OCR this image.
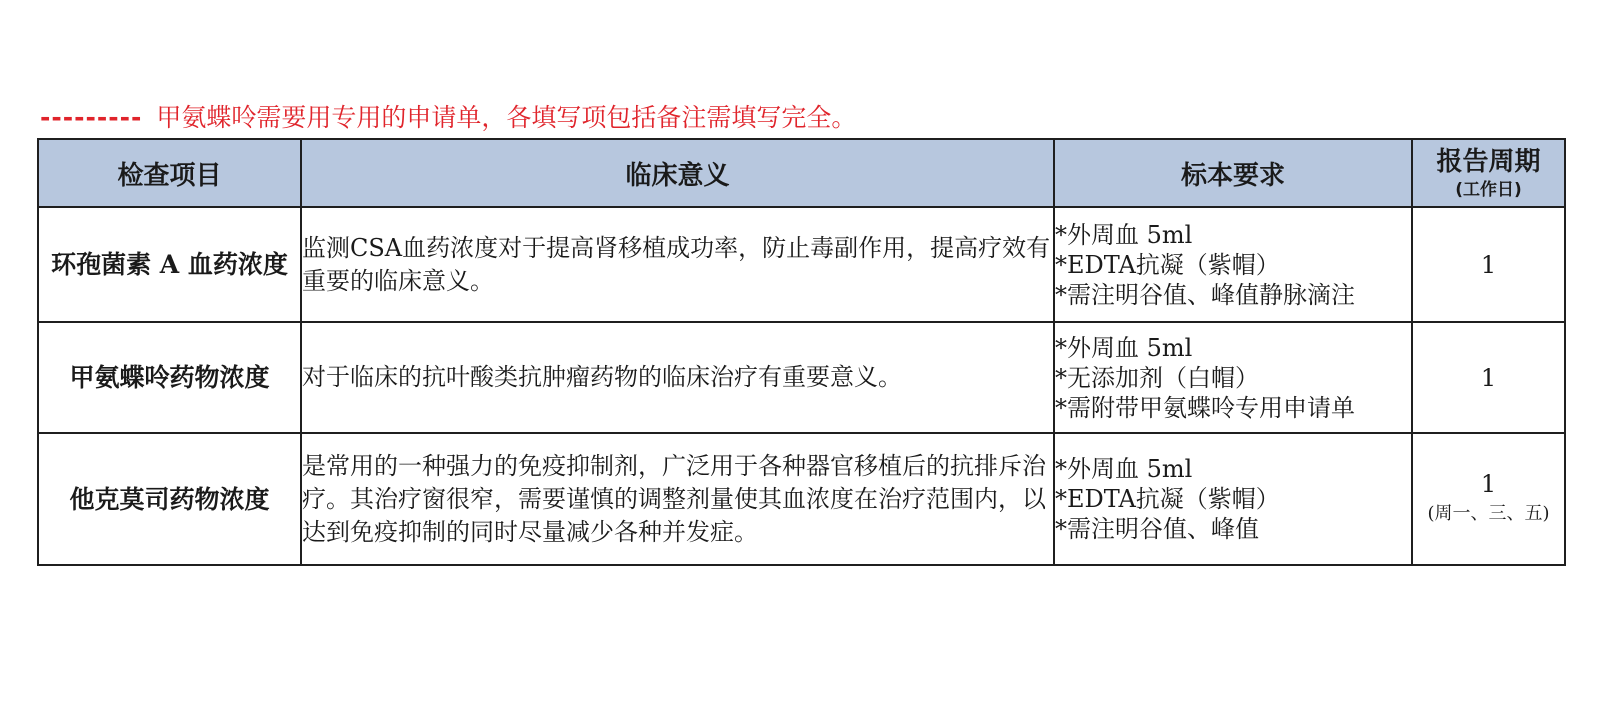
--------- 甲氨蝶呤需要用专用的申请单，各填写项包括备注需填写完全。
检查项目	临床意义	标本要求	报告周期
(工作日)

环孢菌素 A 血药浓度	监测CSA血药浓度对于提高肾移植成功率，防止毒副作用，提高疗效有重要的临床意义。	*外周血 5ml
*EDTA抗凝（紫帽）
*需注明谷值、峰值静脉滴注	1
甲氨蝶呤药物浓度	对于临床的抗叶酸类抗肿瘤药物的临床治疗有重要意义。	*外周血 5ml
*无添加剂（白帽）
*需附带甲氨蝶呤专用申请单	1
他克莫司药物浓度	是常用的一种强力的免疫抑制剂，广泛用于各种器官移植后的抗排斥治疗。其治疗窗很窄，需要谨慎的调整剂量使其血浓度在治疗范围内，以达到免疫抑制的同时尽量减少各种并发症。	*外周血 5ml
*EDTA抗凝（紫帽）
*需注明谷值、峰值	1
(周一、三、五)
